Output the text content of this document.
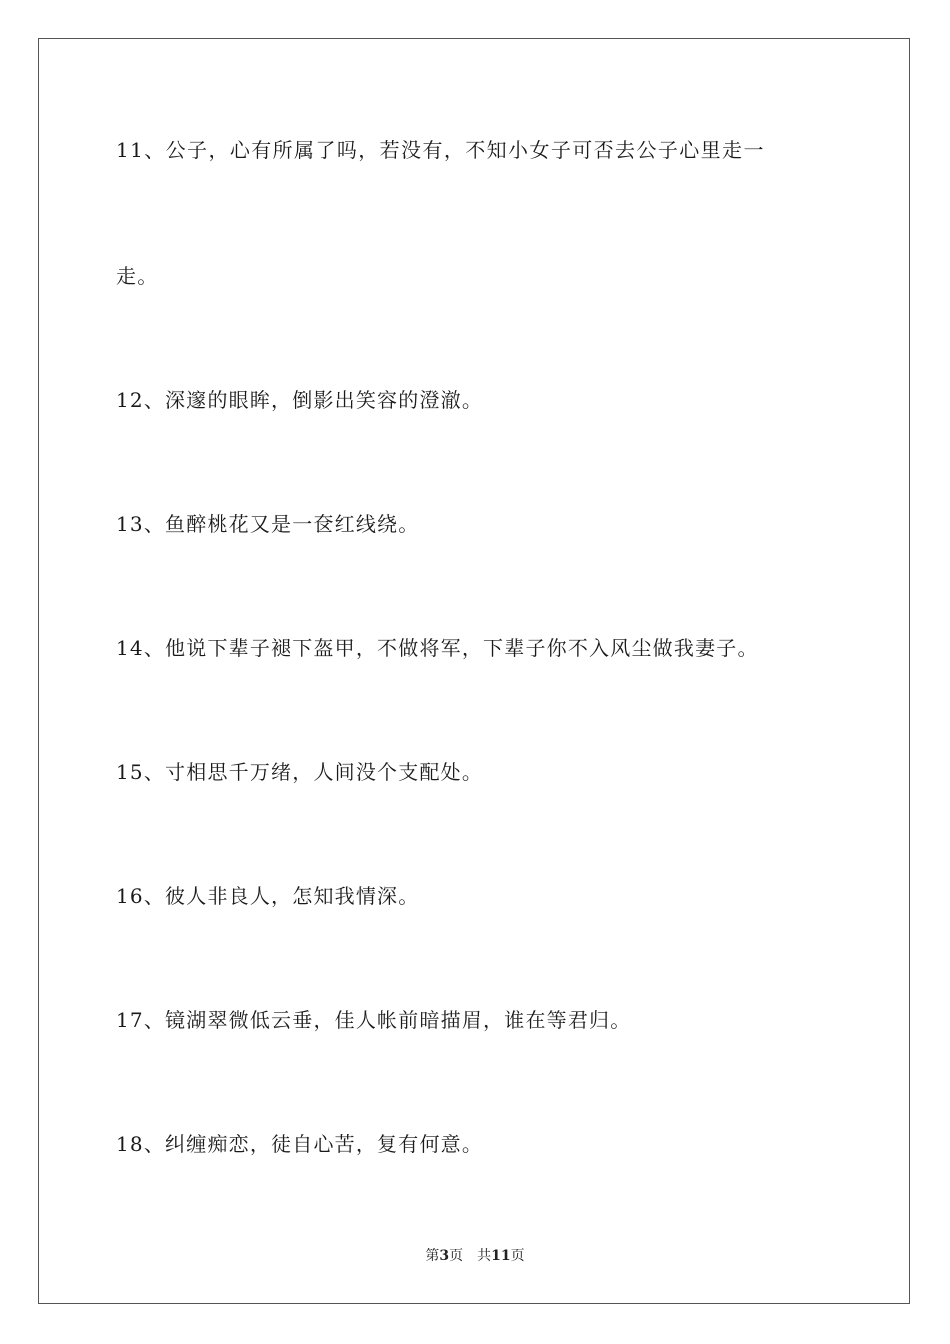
11、公子，心有所属了吗，若没有，不知小女子可否去公子心里走一
走。
12、深邃的眼眸，倒影出笑容的澄澈。
13、鱼醉桃花又是一奁红线绕。
14、他说下辈子褪下盔甲，不做将军，下辈子你不入风尘做我妻子。
15、寸相思千万绪，人间没个支配处。
16、彼人非良人，怎知我情深。
17、镜湖翠微低云垂，佳人帐前暗描眉，谁在等君归。
18、纠缠痴恋，徒自心苦，复有何意。
第3页 共11页
